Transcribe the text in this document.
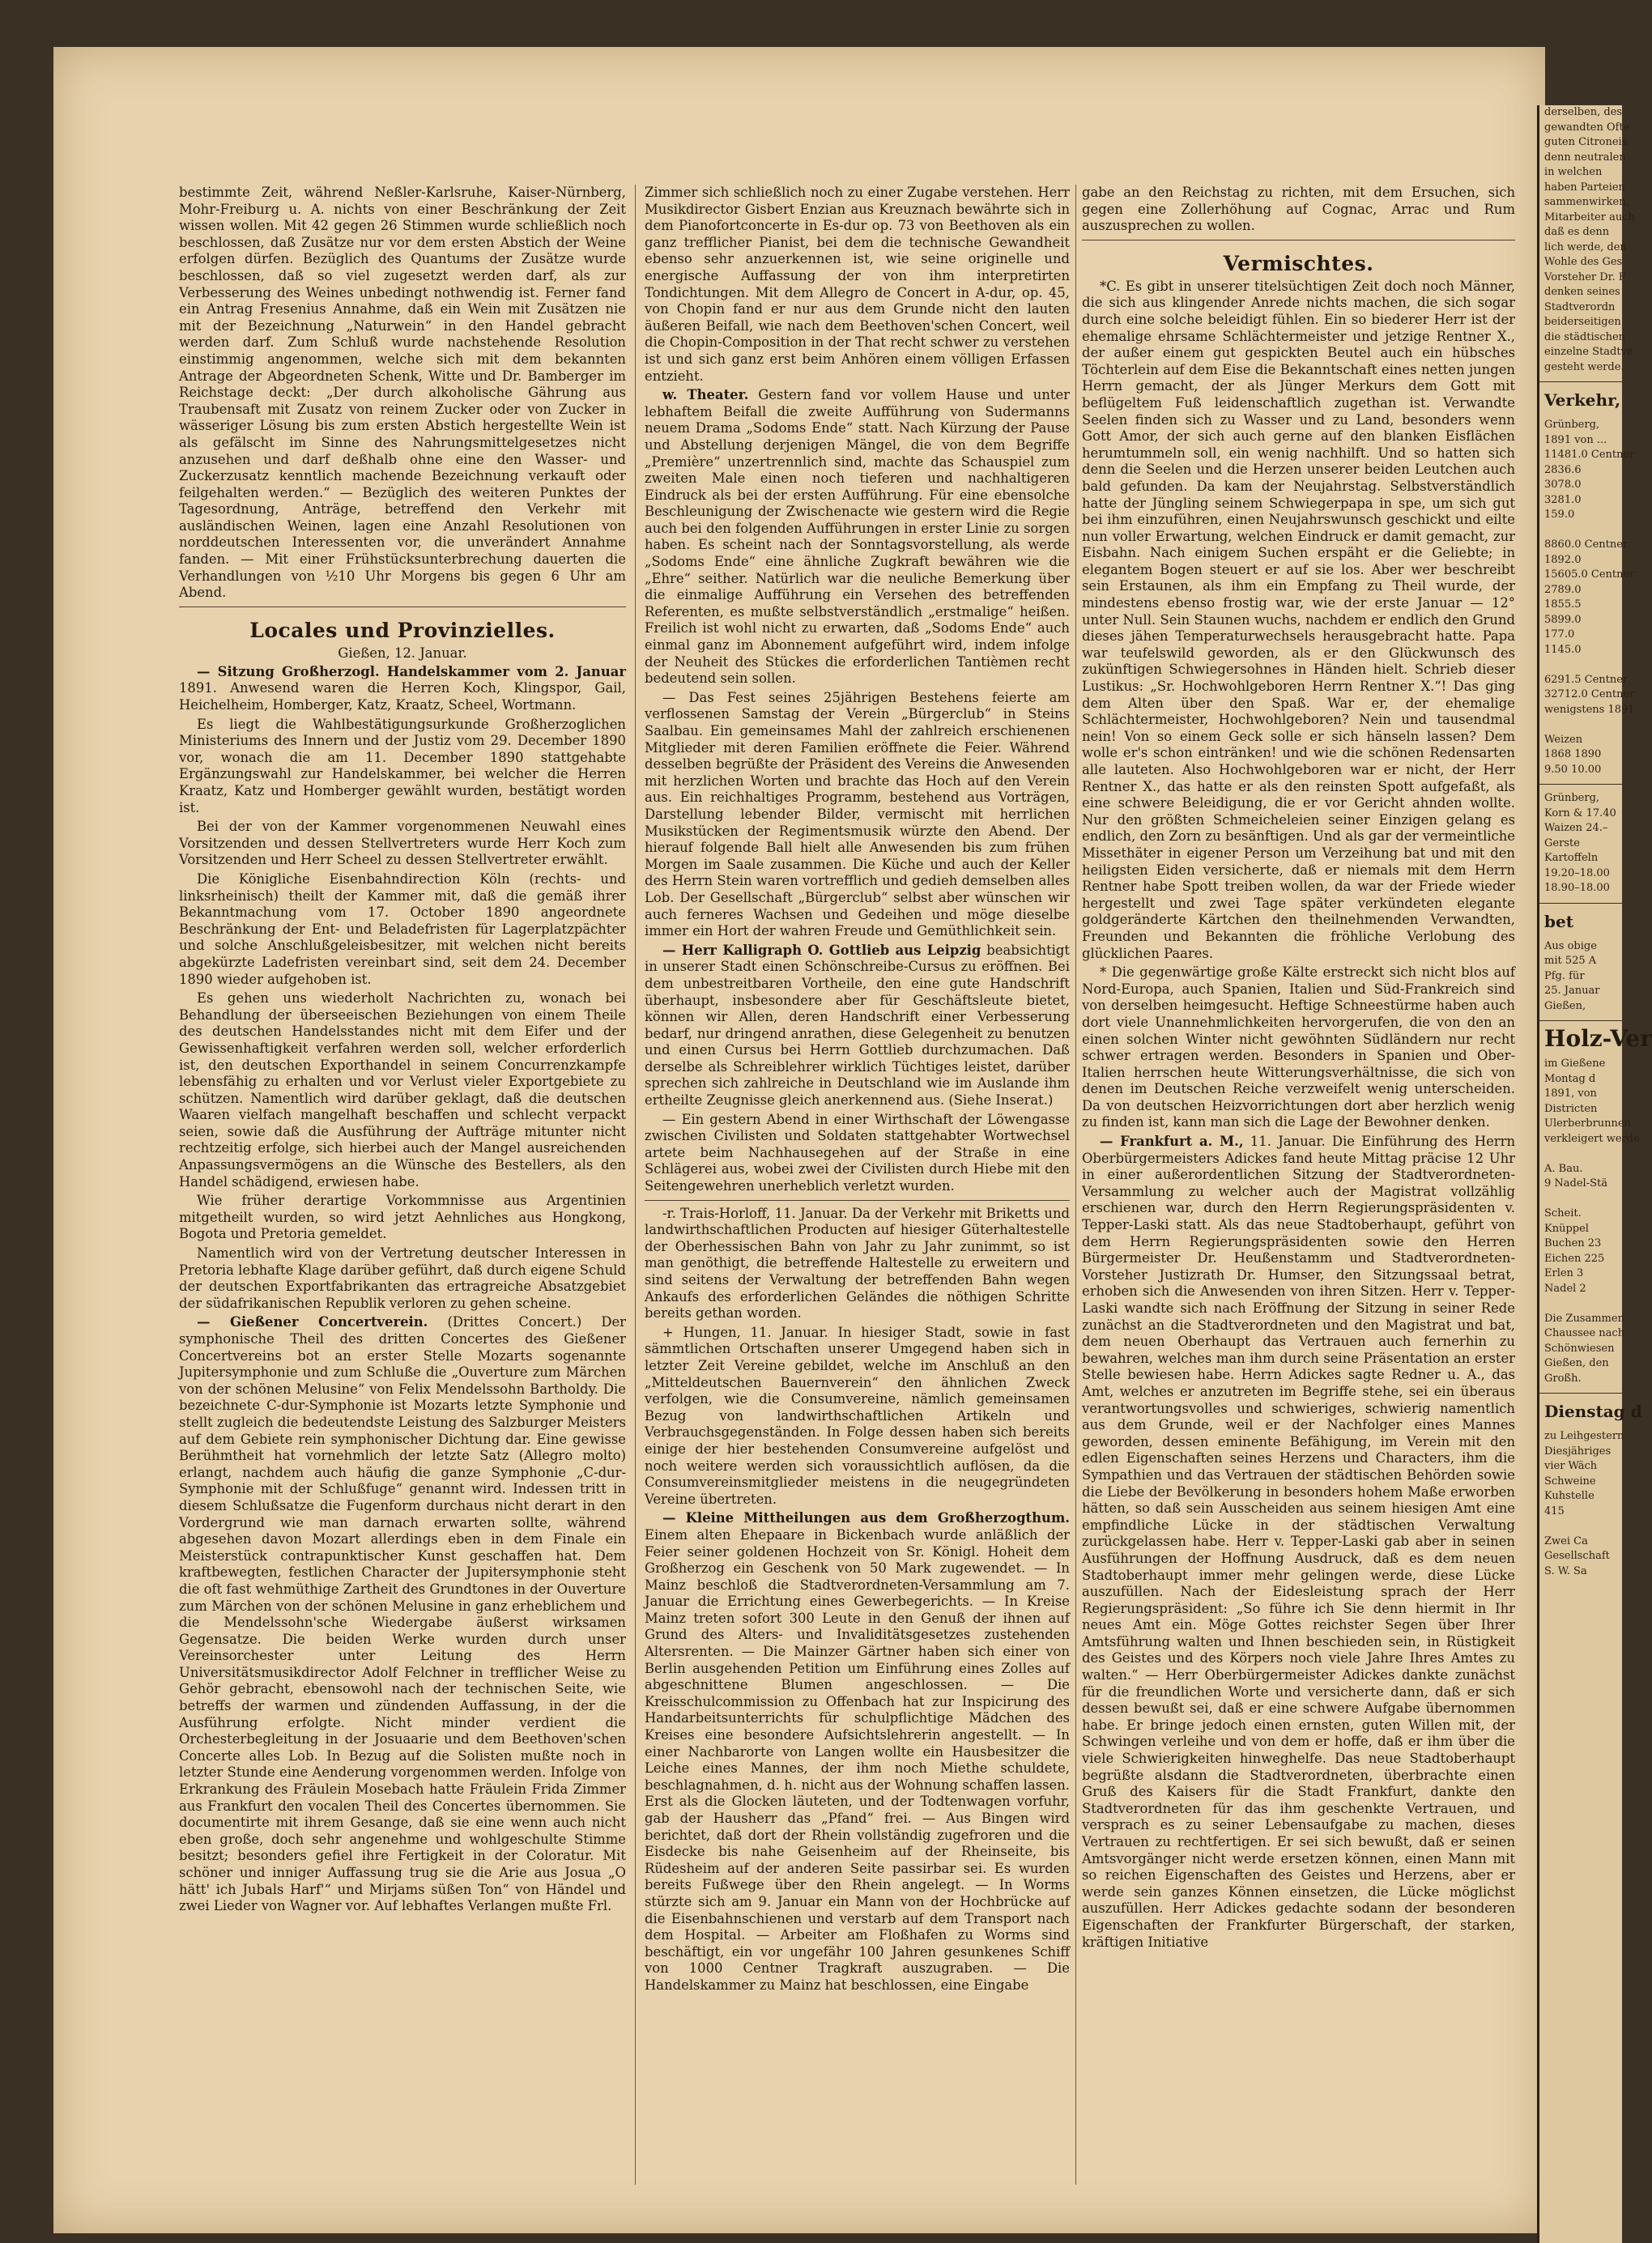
bestimmte Zeit, während Neßler-Karlsruhe, Kaiser-Nürnberg, Mohr-Freiburg u. A. nichts von einer Beschränkung der Zeit wissen wollen. Mit 42 gegen 26 Stimmen wurde schließlich noch beschlossen, daß Zusätze nur vor dem ersten Abstich der Weine erfolgen dürfen. Bezüglich des Quantums der Zusätze wurde beschlossen, daß so viel zugesetzt werden darf, als zur Verbesserung des Weines unbedingt nothwendig ist. Ferner fand ein Antrag Fresenius Annahme, daß ein Wein mit Zusätzen nie mit der Bezeichnung „Naturwein“ in den Handel gebracht werden darf. Zum Schluß wurde nachstehende Resolution einstimmig angenommen, welche sich mit dem bekannten Antrage der Abgeordneten Schenk, Witte und Dr. Bamberger im Reichstage deckt: „Der durch alkoholische Gährung aus Traubensaft mit Zusatz von reinem Zucker oder von Zucker in wässeriger Lösung bis zum ersten Abstich hergestellte Wein ist als gefälscht im Sinne des Nahrungsmittelgesetzes nicht anzusehen und darf deßhalb ohne eine den Wasser- und Zuckerzusatz kenntlich machende Bezeichnung verkauft oder feilgehalten werden.“ — Bezüglich des weiteren Punktes der Tagesordnung, Anträge, betreffend den Verkehr mit ausländischen Weinen, lagen eine Anzahl Resolutionen von norddeutschen Interessenten vor, die unverändert Annahme fanden. — Mit einer Frühstücksunterbrechung dauerten die Verhandlungen von ½10 Uhr Morgens bis gegen 6 Uhr am Abend.

Locales und Provinzielles.
Gießen, 12. Januar.

— Sitzung Großherzogl. Handelskammer vom 2. Januar 1891. Anwesend waren die Herren Koch, Klingspor, Gail, Heichelheim, Homberger, Katz, Kraatz, Scheel, Wortmann.

Es liegt die Wahlbestätigungsurkunde Großherzoglichen Ministeriums des Innern und der Justiz vom 29. December 1890 vor, wonach die am 11. December 1890 stattgehabte Ergänzungswahl zur Handelskammer, bei welcher die Herren Kraatz, Katz und Homberger gewählt wurden, bestätigt worden ist.

Bei der von der Kammer vorgenommenen Neuwahl eines Vorsitzenden und dessen Stellvertreters wurde Herr Koch zum Vorsitzenden und Herr Scheel zu dessen Stellvertreter erwählt.

Die Königliche Eisenbahndirection Köln (rechts- und linksrheinisch) theilt der Kammer mit, daß die gemäß ihrer Bekanntmachung vom 17. October 1890 angeordnete Beschränkung der Ent- und Beladefristen für Lagerplatzpächter und solche Anschlußgeleisbesitzer, mit welchen nicht bereits abgekürzte Ladefristen vereinbart sind, seit dem 24. December 1890 wieder aufgehoben ist.

Es gehen uns wiederholt Nachrichten zu, wonach bei Behandlung der überseeischen Beziehungen von einem Theile des deutschen Handelsstandes nicht mit dem Eifer und der Gewissenhaftigkeit verfahren werden soll, welcher erforderlich ist, den deutschen Exporthandel in seinem Concurrenzkampfe lebensfähig zu erhalten und vor Verlust vieler Exportgebiete zu schützen. Namentlich wird darüber geklagt, daß die deutschen Waaren vielfach mangelhaft beschaffen und schlecht verpackt seien, sowie daß die Ausführung der Aufträge mitunter nicht rechtzeitig erfolge, sich hierbei auch der Mangel ausreichenden Anpassungsvermögens an die Wünsche des Bestellers, als den Handel schädigend, erwiesen habe.

Wie früher derartige Vorkommnisse aus Argentinien mitgetheilt wurden, so wird jetzt Aehnliches aus Hongkong, Bogota und Pretoria gemeldet.

Namentlich wird von der Vertretung deutscher Interessen in Pretoria lebhafte Klage darüber geführt, daß durch eigene Schuld der deutschen Exportfabrikanten das ertragreiche Absatzgebiet der südafrikanischen Republik verloren zu gehen scheine.

— Gießener Concertverein. (Drittes Concert.) Der symphonische Theil des dritten Concertes des Gießener Concertvereins bot an erster Stelle Mozarts sogenannte Jupitersymphonie und zum Schluße die „Ouverture zum Märchen von der schönen Melusine“ von Felix Mendelssohn Bartholdy. Die bezeichnete C-dur-Symphonie ist Mozarts letzte Symphonie und stellt zugleich die bedeutendste Leistung des Salzburger Meisters auf dem Gebiete rein symphonischer Dichtung dar. Eine gewisse Berühmtheit hat vornehmlich der letzte Satz (Allegro molto) erlangt, nachdem auch häufig die ganze Symphonie „C-dur-Symphonie mit der Schlußfuge“ genannt wird. Indessen tritt in diesem Schlußsatze die Fugenform durchaus nicht derart in den Vordergrund wie man darnach erwarten sollte, während abgesehen davon Mozart allerdings eben in dem Finale ein Meisterstück contrapunktischer Kunst geschaffen hat. Dem kraftbewegten, festlichen Character der Jupitersymphonie steht die oft fast wehmüthige Zartheit des Grundtones in der Ouverture zum Märchen von der schönen Melusine in ganz erheblichem und die Mendelssohn'sche Wiedergabe äußerst wirksamen Gegensatze. Die beiden Werke wurden durch unser Vereinsorchester unter Leitung des Herrn Universitätsmusikdirector Adolf Felchner in trefflicher Weise zu Gehör gebracht, ebensowohl nach der technischen Seite, wie betreffs der warmen und zündenden Auffassung, in der die Ausführung erfolgte. Nicht minder verdient die Orchesterbegleitung in der Josuaarie und dem Beethoven'schen Concerte alles Lob. In Bezug auf die Solisten mußte noch in letzter Stunde eine Aenderung vorgenommen werden. Infolge von Erkrankung des Fräulein Mosebach hatte Fräulein Frida Zimmer aus Frankfurt den vocalen Theil des Concertes übernommen. Sie documentirte mit ihrem Gesange, daß sie eine wenn auch nicht eben große, doch sehr angenehme und wohlgeschulte Stimme besitzt; besonders gefiel ihre Fertigkeit in der Coloratur. Mit schöner und inniger Auffassung trug sie die Arie aus Josua „O hätt' ich Jubals Harf'“ und Mirjams süßen Ton“ von Händel und zwei Lieder von Wagner vor. Auf lebhaftes Verlangen mußte Frl.

Zimmer sich schließlich noch zu einer Zugabe verstehen. Herr Musikdirector Gisbert Enzian aus Kreuznach bewährte sich in dem Pianofortconcerte in Es-dur op. 73 von Beethoven als ein ganz trefflicher Pianist, bei dem die technische Gewandheit ebenso sehr anzuerkennen ist, wie seine originelle und energische Auffassung der von ihm interpretirten Tondichtungen. Mit dem Allegro de Concert in A-dur, op. 45, von Chopin fand er nur aus dem Grunde nicht den lauten äußeren Beifall, wie nach dem Beethoven'schen Concert, weil die Chopin-Composition in der That recht schwer zu verstehen ist und sich ganz erst beim Anhören einem völligen Erfassen entzieht.

w. Theater. Gestern fand vor vollem Hause und unter lebhaftem Beifall die zweite Aufführung von Sudermanns neuem Drama „Sodoms Ende“ statt. Nach Kürzung der Pause und Abstellung derjenigen Mängel, die von dem Begriffe „Première“ unzertrennlich sind, machte das Schauspiel zum zweiten Male einen noch tieferen und nachhaltigeren Eindruck als bei der ersten Aufführung. Für eine ebensolche Beschleunigung der Zwischenacte wie gestern wird die Regie auch bei den folgenden Aufführungen in erster Linie zu sorgen haben. Es scheint nach der Sonntagsvorstellung, als werde „Sodoms Ende“ eine ähnliche Zugkraft bewähren wie die „Ehre“ seither. Natürlich war die neuliche Bemerkung über die einmalige Aufführung ein Versehen des betreffenden Referenten, es mußte selbstverständlich „erstmalige“ heißen. Freilich ist wohl nicht zu erwarten, daß „Sodoms Ende“ auch einmal ganz im Abonnement aufgeführt wird, indem infolge der Neuheit des Stückes die erforderlichen Tantièmen recht bedeutend sein sollen.

— Das Fest seines 25jährigen Bestehens feierte am verflossenen Samstag der Verein „Bürgerclub“ in Steins Saalbau. Ein gemeinsames Mahl der zahlreich erschienenen Mitglieder mit deren Familien eröffnete die Feier. Während desselben begrüßte der Präsident des Vereins die Anwesenden mit herzlichen Worten und brachte das Hoch auf den Verein aus. Ein reichhaltiges Programm, bestehend aus Vorträgen, Darstellung lebender Bilder, vermischt mit herrlichen Musikstücken der Regimentsmusik würzte den Abend. Der hierauf folgende Ball hielt alle Anwesenden bis zum frühen Morgen im Saale zusammen. Die Küche und auch der Keller des Herrn Stein waren vortrefflich und gedieh demselben alles Lob. Der Gesellschaft „Bürgerclub“ selbst aber wünschen wir auch ferneres Wachsen und Gedeihen und möge dieselbe immer ein Hort der wahren Freude und Gemüthlichkeit sein.

— Herr Kalligraph O. Gottlieb aus Leipzig beabsichtigt in unserer Stadt einen Schönschreibe-Cursus zu eröffnen. Bei dem unbestreitbaren Vortheile, den eine gute Handschrift überhaupt, insbesondere aber für Geschäftsleute bietet, können wir Allen, deren Handschrift einer Verbesserung bedarf, nur dringend anrathen, diese Gelegenheit zu benutzen und einen Cursus bei Herrn Gottlieb durchzumachen. Daß derselbe als Schreiblehrer wirklich Tüchtiges leistet, darüber sprechen sich zahlreiche in Deutschland wie im Auslande ihm ertheilte Zeugnisse gleich anerkennend aus. (Siehe Inserat.)

— Ein gestern Abend in einer Wirthschaft der Löwengasse zwischen Civilisten und Soldaten stattgehabter Wortwechsel artete beim Nachhausegehen auf der Straße in eine Schlägerei aus, wobei zwei der Civilisten durch Hiebe mit den Seitengewehren unerheblich verletzt wurden.

-r. Trais-Horloff, 11. Januar. Da der Verkehr mit Briketts und landwirthschaftlichen Producten auf hiesiger Güterhaltestelle der Oberhessischen Bahn von Jahr zu Jahr zunimmt, so ist man genöthigt, die betreffende Haltestelle zu erweitern und sind seitens der Verwaltung der betreffenden Bahn wegen Ankaufs des erforderlichen Geländes die nöthigen Schritte bereits gethan worden.

+ Hungen, 11. Januar. In hiesiger Stadt, sowie in fast sämmtlichen Ortschaften unserer Umgegend haben sich in letzter Zeit Vereine gebildet, welche im Anschluß an den „Mitteldeutschen Bauernverein“ den ähnlichen Zweck verfolgen, wie die Consumvereine, nämlich gemeinsamen Bezug von landwirthschaftlichen Artikeln und Verbrauchsgegenständen. In Folge dessen haben sich bereits einige der hier bestehenden Consumvereine aufgelöst und noch weitere werden sich voraussichtlich auflösen, da die Consumvereinsmitglieder meistens in die neugegründeten Vereine übertreten.

— Kleine Mittheilungen aus dem Großherzogthum. Einem alten Ehepaare in Bickenbach wurde anläßlich der Feier seiner goldenen Hochzeit von Sr. Königl. Hoheit dem Großherzog ein Geschenk von 50 Mark zugewendet. — In Mainz beschloß die Stadtverordneten-Versammlung am 7. Januar die Errichtung eines Gewerbegerichts. — In Kreise Mainz treten sofort 300 Leute in den Genuß der ihnen auf Grund des Alters- und Invaliditätsgesetzes zustehenden Altersrenten. — Die Mainzer Gärtner haben sich einer von Berlin ausgehenden Petition um Einführung eines Zolles auf abgeschnittene Blumen angeschlossen. — Die Kreisschulcommission zu Offenbach hat zur Inspicirung des Handarbeitsunterrichts für schulpflichtige Mädchen des Kreises eine besondere Aufsichtslehrerin angestellt. — In einer Nachbarorte von Langen wollte ein Hausbesitzer die Leiche eines Mannes, der ihm noch Miethe schuldete, beschlagnahmen, d. h. nicht aus der Wohnung schaffen lassen. Erst als die Glocken läuteten, und der Todtenwagen vorfuhr, gab der Hausherr das „Pfand“ frei. — Aus Bingen wird berichtet, daß dort der Rhein vollständig zugefroren und die Eisdecke bis nahe Geisenheim auf der Rheinseite, bis Rüdesheim auf der anderen Seite passirbar sei. Es wurden bereits Fußwege über den Rhein angelegt. — In Worms stürzte sich am 9. Januar ein Mann von der Hochbrücke auf die Eisenbahnschienen und verstarb auf dem Transport nach dem Hospital. — Arbeiter am Floßhafen zu Worms sind beschäftigt, ein vor ungefähr 100 Jahren gesunkenes Schiff von 1000 Centner Tragkraft auszugraben. — Die Handelskammer zu Mainz hat beschlossen, eine Eingabe

gabe an den Reichstag zu richten, mit dem Ersuchen, sich gegen eine Zollerhöhung auf Cognac, Arrac und Rum auszusprechen zu wollen.

Vermischtes.

*C. Es gibt in unserer titelsüchtigen Zeit doch noch Männer, die sich aus klingender Anrede nichts machen, die sich sogar durch eine solche beleidigt fühlen. Ein so biederer Herr ist der ehemalige ehrsame Schlächtermeister und jetzige Rentner X., der außer einem gut gespickten Beutel auch ein hübsches Töchterlein auf dem Eise die Bekanntschaft eines netten jungen Herrn gemacht, der als Jünger Merkurs dem Gott mit beflügeltem Fuß leidenschaftlich zugethan ist. Verwandte Seelen finden sich zu Wasser und zu Land, besonders wenn Gott Amor, der sich auch gerne auf den blanken Eisflächen herumtummeln soll, ein wenig nachhilft. Und so hatten sich denn die Seelen und die Herzen unserer beiden Leutchen auch bald gefunden. Da kam der Neujahrstag. Selbstverständlich hatte der Jüngling seinem Schwiegerpapa in spe, um sich gut bei ihm einzuführen, einen Neujahrswunsch geschickt und eilte nun voller Erwartung, welchen Eindruck er damit gemacht, zur Eisbahn. Nach einigem Suchen erspäht er die Geliebte; in elegantem Bogen steuert er auf sie los. Aber wer beschreibt sein Erstaunen, als ihm ein Empfang zu Theil wurde, der mindestens ebenso frostig war, wie der erste Januar — 12° unter Null. Sein Staunen wuchs, nachdem er endlich den Grund dieses jähen Temperaturwechsels herausgebracht hatte. Papa war teufelswild geworden, als er den Glückwunsch des zukünftigen Schwiegersohnes in Händen hielt. Schrieb dieser Lustikus: „Sr. Hochwohlgeboren Herrn Rentner X.“! Das ging dem Alten über den Spaß. War er, der ehemalige Schlächtermeister, Hochwohlgeboren? Nein und tausendmal nein! Von so einem Geck solle er sich hänseln lassen? Dem wolle er's schon eintränken! und wie die schönen Redensarten alle lauteten. Also Hochwohlgeboren war er nicht, der Herr Rentner X., das hatte er als den reinsten Spott aufgefaßt, als eine schwere Beleidigung, die er vor Gericht ahnden wollte. Nur den größten Schmeicheleien seiner Einzigen gelang es endlich, den Zorn zu besänftigen. Und als gar der vermeintliche Missethäter in eigener Person um Verzeihung bat und mit den heiligsten Eiden versicherte, daß er niemals mit dem Herrn Rentner habe Spott treiben wollen, da war der Friede wieder hergestellt und zwei Tage später verkündeten elegante goldgeränderte Kärtchen den theilnehmenden Verwandten, Freunden und Bekannten die fröhliche Verlobung des glücklichen Paares.

* Die gegenwärtige große Kälte erstreckt sich nicht blos auf Nord-Europa, auch Spanien, Italien und Süd-Frankreich sind von derselben heimgesucht. Heftige Schneestürme haben auch dort viele Unannehmlichkeiten hervorgerufen, die von den an einen solchen Winter nicht gewöhnten Südländern nur recht schwer ertragen werden. Besonders in Spanien und Ober-Italien herrschen heute Witterungsverhältnisse, die sich von denen im Deutschen Reiche verzweifelt wenig unterscheiden. Da von deutschen Heizvorrichtungen dort aber herzlich wenig zu finden ist, kann man sich die Lage der Bewohner denken.

— Frankfurt a. M., 11. Januar. Die Einführung des Herrn Oberbürgermeisters Adickes fand heute Mittag präcise 12 Uhr in einer außerordentlichen Sitzung der Stadtverordneten-Versammlung zu welcher auch der Magistrat vollzählig erschienen war, durch den Herrn Regierungspräsidenten v. Tepper-Laski statt. Als das neue Stadtoberhaupt, geführt von dem Herrn Regierungspräsidenten sowie den Herren Bürgermeister Dr. Heußenstamm und Stadtverordneten-Vorsteher Justizrath Dr. Humser, den Sitzungssaal betrat, erhoben sich die Anwesenden von ihren Sitzen. Herr v. Tepper-Laski wandte sich nach Eröffnung der Sitzung in seiner Rede zunächst an die Stadtverordneten und den Magistrat und bat, dem neuen Oberhaupt das Vertrauen auch fernerhin zu bewahren, welches man ihm durch seine Präsentation an erster Stelle bewiesen habe. Herrn Adickes sagte Redner u. A., das Amt, welches er anzutreten im Begriffe stehe, sei ein überaus verantwortungsvolles und schwieriges, schwierig namentlich aus dem Grunde, weil er der Nachfolger eines Mannes geworden, dessen eminente Befähigung, im Verein mit den edlen Eigenschaften seines Herzens und Characters, ihm die Sympathien und das Vertrauen der städtischen Behörden sowie die Liebe der Bevölkerung in besonders hohem Maße erworben hätten, so daß sein Ausscheiden aus seinem hiesigen Amt eine empfindliche Lücke in der städtischen Verwaltung zurückgelassen habe. Herr v. Tepper-Laski gab aber in seinen Ausführungen der Hoffnung Ausdruck, daß es dem neuen Stadtoberhaupt immer mehr gelingen werde, diese Lücke auszufüllen. Nach der Eidesleistung sprach der Herr Regierungspräsident: „So führe ich Sie denn hiermit in Ihr neues Amt ein. Möge Gottes reichster Segen über Ihrer Amtsführung walten und Ihnen beschieden sein, in Rüstigkeit des Geistes und des Körpers noch viele Jahre Ihres Amtes zu walten.“ — Herr Oberbürgermeister Adickes dankte zunächst für die freundlichen Worte und versicherte dann, daß er sich dessen bewußt sei, daß er eine schwere Aufgabe übernommen habe. Er bringe jedoch einen ernsten, guten Willen mit, der Schwingen verleihe und von dem er hoffe, daß er ihm über die viele Schwierigkeiten hinweghelfe. Das neue Stadtoberhaupt begrüßte alsdann die Stadtverordneten, überbrachte einen Gruß des Kaisers für die Stadt Frankfurt, dankte den Stadtverordneten für das ihm geschenkte Vertrauen, und versprach es zu seiner Lebensaufgabe zu machen, dieses Vertrauen zu rechtfertigen. Er sei sich bewußt, daß er seinen Amtsvorgänger nicht werde ersetzen können, einen Mann mit so reichen Eigenschaften des Geistes und Herzens, aber er werde sein ganzes Können einsetzen, die Lücke möglichst auszufüllen. Herr Adickes gedachte sodann der besonderen Eigenschaften der Frankfurter Bürgerschaft, der starken, kräftigen Initiative

derselben, des
gewandten Ofte
guten Citroneis
denn neutralen
in welchen
haben Parteien
sammenwirken,
Mitarbeiter auch
daß es denn
lich werde, den
Wohle des Ges
Vorsteher Dr. F
denken seines
Stadtverordn
beiderseitigen
die städtischen
einzelne Stadtve
gesteht werde.
Verkehr,
Grünberg,
1891 von ...
11481.0 Centner
2836.6
3078.0
3281.0
159.0

8860.0 Centner
1892.0
15605.0 Centner
2789.0
1855.5
5899.0
177.0
1145.0

6291.5 Centner
32712.0 Centner
wenigstens 1891

Weizen
1868 1890
9.50 10.00
Grünberg,
Korn & 17.40
Waizen 24.–
Gerste
Kartoffeln
19.20–18.00
18.90–18.00
bet
Aus obige
mit 525 A
Pfg. für
25. Januar
Gießen,
Holz-Ver
im Gießene
Montag d
1891, von
Districten
Ulerberbrunnen
verkleigert werde

A. Bau.
9 Nadel-Stä

Scheit.
Knüppel
Buchen 23
Eichen 225
Erlen 3
Nadel 2

Die Zusammen
Chaussee nach
Schönwiesen
Gießen, den
Großh.
Dienstag d
zu Leihgestern
Diesjähriges
vier Wäch
Schweine
Kuhstelle
415

Zwei Ca
Gesellschaft
S. W. Sa
